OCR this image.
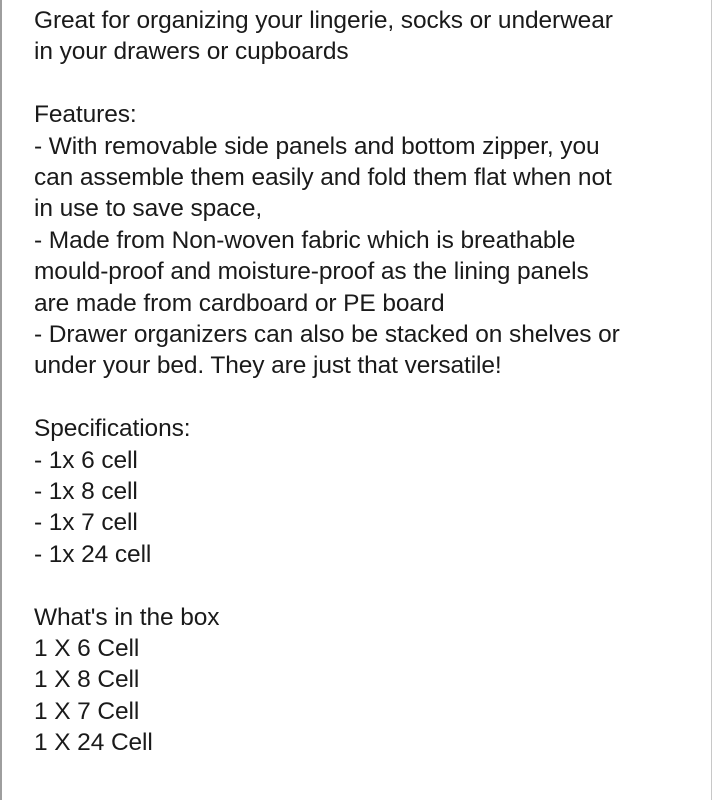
Great for organizing your lingerie, socks or underwear
in your drawers or cupboards
Features:
- With removable side panels and bottom zipper, you
can assemble them easily and fold them flat when not
in use to save space,
- Made from Non-woven fabric which is breathable
mould-proof and moisture-proof as the lining panels
are made from cardboard or PE board
- Drawer organizers can also be stacked on shelves or
under your bed. They are just that versatile!
Specifications:
- 1x 6 cell
- 1x 8 cell
- 1x 7 cell
- 1x 24 cell
What's in the box
1 X 6 Cell
1 X 8 Cell
1 X 7 Cell
1 X 24 Cell
